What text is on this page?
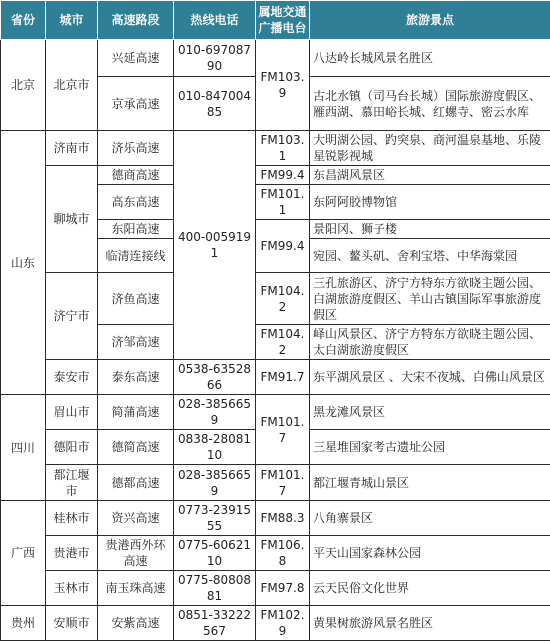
省份	城市	高速路段	热线电话	属地交通广播电台	旅游景点
北京	北京市	兴延高速	010-69708790	FM103.9	八达岭长城风景名胜区
		京承高速	010-84700485		古北水镇（司马台长城）国际旅游度假区、雁西湖、慕田峪长城、红螺寺、密云水库
山东	济南市	济乐高速	400-0059191	FM103.1	大明湖公园、趵突泉、商河温泉基地、乐陵星锐影视城
	聊城市	德商高速		FM99.4	东昌湖风景区
		高东高速		FM101.1	东阿阿胶博物馆
		东阳高速		FM99.4	景阳冈、狮子楼
		临清连接线			宛园、鳌头矶、舍利宝塔、中华海棠园
	济宁市	济鱼高速		FM104.2	三孔旅游区、济宁方特东方欲晓主题公园、白湖旅游度假区、羊山古镇国际军事旅游度假区
		济邹高速		FM104.2	峄山风景区、济宁方特东方欲晓主题公园、太白湖旅游度假区
	泰安市	泰东高速	0538-6352866	FM91.7	东平湖风景区 、大宋不夜城、白佛山风景区
四川	眉山市	简蒲高速	028-3856659	FM101.7	黑龙滩风景区
	德阳市	德简高速	0838-2808110		三星堆国家考古遗址公园
	都江堰市	德都高速	028-3856659	FM101.7	都江堰青城山景区
广西	桂林市	资兴高速	0773-2391555	FM88.3	八角寨景区
	贵港市	贵港西外环高速	0775-6062110	FM106.8	平天山国家森林公园
	玉林市	南玉珠高速	0775-8080881	FM97.8	云天民俗文化世界
贵州	安顺市	安紫高速	0851-33222567	FM102.9	黄果树旅游风景名胜区
